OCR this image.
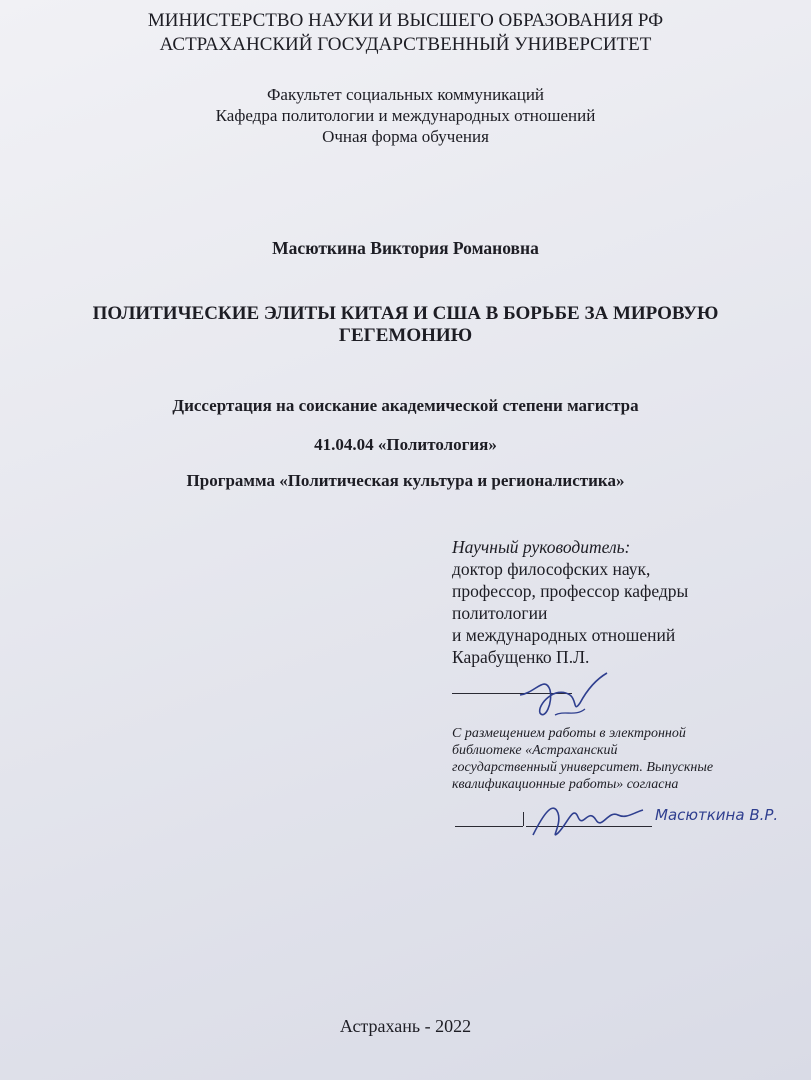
МИНИСТЕРСТВО НАУКИ И ВЫСШЕГО ОБРАЗОВАНИЯ РФ
АСТРАХАНСКИЙ ГОСУДАРСТВЕННЫЙ УНИВЕРСИТЕТ
Факультет социальных коммуникаций
Кафедра политологии и международных отношений
Очная форма обучения
Масюткина Виктория Романовна
ПОЛИТИЧЕСКИЕ ЭЛИТЫ КИТАЯ И США В БОРЬБЕ ЗА МИРОВУЮ
ГЕГЕМОНИЮ
Диссертация на соискание академической степени магистра
41.04.04 «Политология»
Программа «Политическая культура и регионалистика»
Научный руководитель:
доктор философских наук,
профессор, профессор кафедры
политологии
и международных отношений
Карабущенко П.Л.
С размещением работы в электронной
библиотеке «Астраханский
государственный университет. Выпускные
квалификационные работы» согласна
Масюткина В.Р.
Астрахань - 2022
